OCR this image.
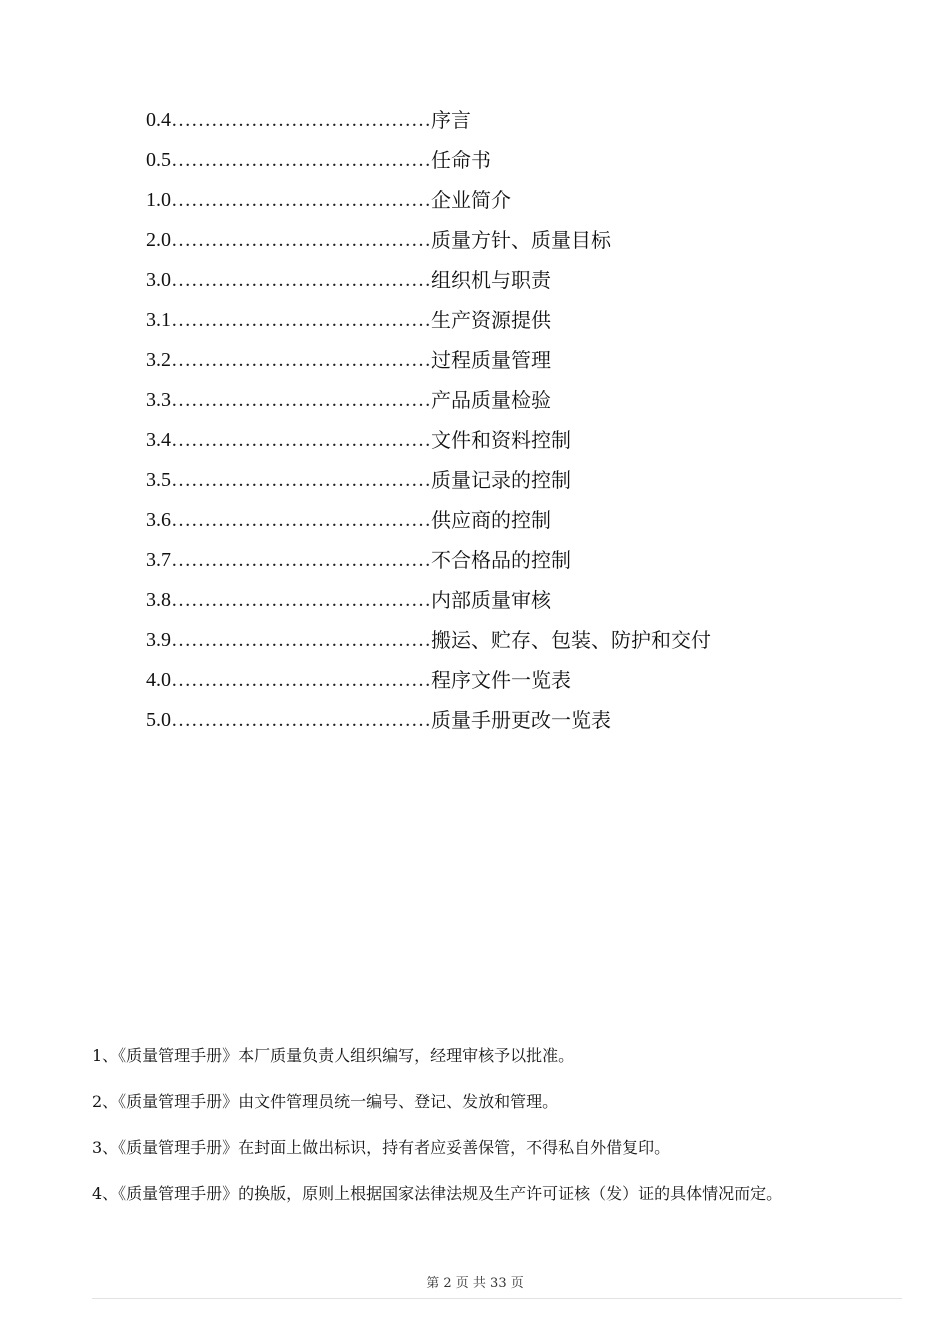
0.4 ………………………………… 序言
0.5 ………………………………… 任命书
1.0 ………………………………… 企业简介
2.0 ………………………………… 质量方针、质量目标
3.0 ………………………………… 组织机与职责
3.1 ………………………………… 生产资源提供
3.2 ………………………………… 过程质量管理
3.3 ………………………………… 产品质量检验
3.4 ………………………………… 文件和资料控制
3.5 ………………………………… 质量记录的控制
3.6 ………………………………… 供应商的控制
3.7 ………………………………… 不合格品的控制
3.8 ………………………………… 内部质量审核
3.9 ………………………………… 搬运、贮存、包装、防护和交付
4.0 ………………………………… 程序文件一览表
5.0 ………………………………… 质量手册更改一览表

1、《质量管理手册》本厂质量负责人组织编写，经理审核予以批准。

2、《质量管理手册》由文件管理员统一编号、登记、发放和管理。

3、《质量管理手册》在封面上做出标识，持有者应妥善保管，不得私自外借复印。

4、《质量管理手册》的换版，原则上根据国家法律法规及生产许可证核（发）证的具体情况而定。

第 2 页 共 33 页
